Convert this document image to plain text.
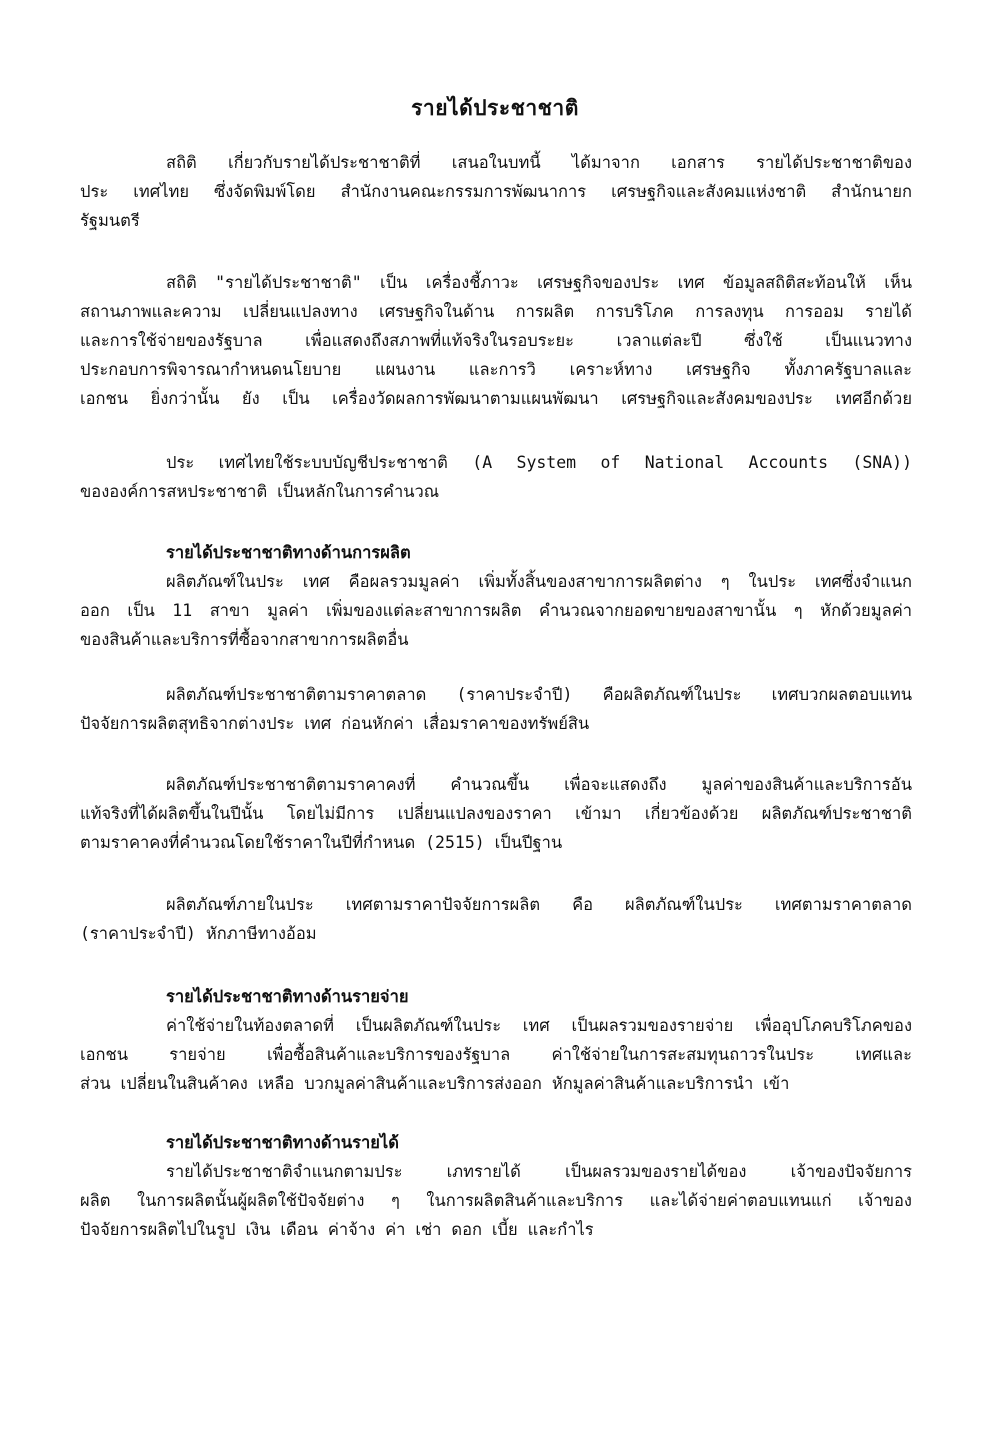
รายได้ประชาชาติ
สถิติ เกี่ยวกับรายได้ประชาชาติที่ เสนอในบทนี้ ได้มาจาก เอกสาร รายได้ประชาชาติของ
ประ เทศไทย ซึ่งจัดพิมพ์โดย สำนักงานคณะกรรมการพัฒนาการ เศรษฐกิจและสังคมแห่งชาติ สำนักนายก
รัฐมนตรี
สถิติ "รายได้ประชาชาติ" เป็น เครื่องชี้ภาวะ เศรษฐกิจของประ เทศ ข้อมูลสถิติสะท้อนให้ เห็น
สถานภาพและความ เปลี่ยนแปลงทาง เศรษฐกิจในด้าน การผลิต การบริโภค การลงทุน การออม รายได้
และการใช้จ่ายของรัฐบาล เพื่อแสดงถึงสภาพที่แท้จริงในรอบระยะ เวลาแต่ละปี ซึ่งใช้ เป็นแนวทาง
ประกอบการพิจารณากำหนดนโยบาย แผนงาน และการวิ เคราะห์ทาง เศรษฐกิจ ทั้งภาครัฐบาลและ
เอกชน ยิ่งกว่านั้น ยัง เป็น เครื่องวัดผลการพัฒนาตามแผนพัฒนา เศรษฐกิจและสังคมของประ เทศอีกด้วย
ประ เทศไทยใช้ระบบบัญชีประชาชาติ (A System of National Accounts (SNA))
ขององค์การสหประชาชาติ เป็นหลักในการคำนวณ
รายได้ประชาชาติทางด้านการผลิต
ผลิตภัณฑ์ในประ เทศ คือผลรวมมูลค่า เพิ่มทั้งสิ้นของสาขาการผลิตต่าง ๆ ในประ เทศซึ่งจำแนก
ออก เป็น 11 สาขา มูลค่า เพิ่มของแต่ละสาขาการผลิต คำนวณจากยอดขายของสาขานั้น ๆ หักด้วยมูลค่า
ของสินค้าและบริการที่ซื้อจากสาขาการผลิตอื่น
ผลิตภัณฑ์ประชาชาติตามราคาตลาด (ราคาประจำปี) คือผลิตภัณฑ์ในประ เทศบวกผลตอบแทน
ปัจจัยการผลิตสุทธิจากต่างประ เทศ ก่อนหักค่า เสื่อมราคาของทรัพย์สิน
ผลิตภัณฑ์ประชาชาติตามราคาคงที่ คำนวณขึ้น เพื่อจะแสดงถึง มูลค่าของสินค้าและบริการอัน
แท้จริงที่ได้ผลิตขึ้นในปีนั้น โดยไม่มีการ เปลี่ยนแปลงของราคา เข้ามา เกี่ยวข้องด้วย ผลิตภัณฑ์ประชาชาติ
ตามราคาคงที่คำนวณโดยใช้ราคาในปีที่กำหนด (2515) เป็นปีฐาน
ผลิตภัณฑ์ภายในประ เทศตามราคาปัจจัยการผลิต คือ ผลิตภัณฑ์ในประ เทศตามราคาตลาด
(ราคาประจำปี) หักภาษีทางอ้อม
รายได้ประชาชาติทางด้านรายจ่าย
ค่าใช้จ่ายในท้องตลาดที่ เป็นผลิตภัณฑ์ในประ เทศ เป็นผลรวมของรายจ่าย เพื่ออุปโภคบริโภคของ
เอกชน รายจ่าย เพื่อซื้อสินค้าและบริการของรัฐบาล ค่าใช้จ่ายในการสะสมทุนถาวรในประ เทศและ
ส่วน เปลี่ยนในสินค้าคง เหลือ บวกมูลค่าสินค้าและบริการส่งออก หักมูลค่าสินค้าและบริการนำ เข้า
รายได้ประชาชาติทางด้านรายได้
รายได้ประชาชาติจำแนกตามประ เภทรายได้ เป็นผลรวมของรายได้ของ เจ้าของปัจจัยการ
ผลิต ในการผลิตนั้นผู้ผลิตใช้ปัจจัยต่าง ๆ ในการผลิตสินค้าและบริการ และได้จ่ายค่าตอบแทนแก่ เจ้าของ
ปัจจัยการผลิตไปในรูป เงิน เดือน ค่าจ้าง ค่า เช่า ดอก เบี้ย และกำไร
